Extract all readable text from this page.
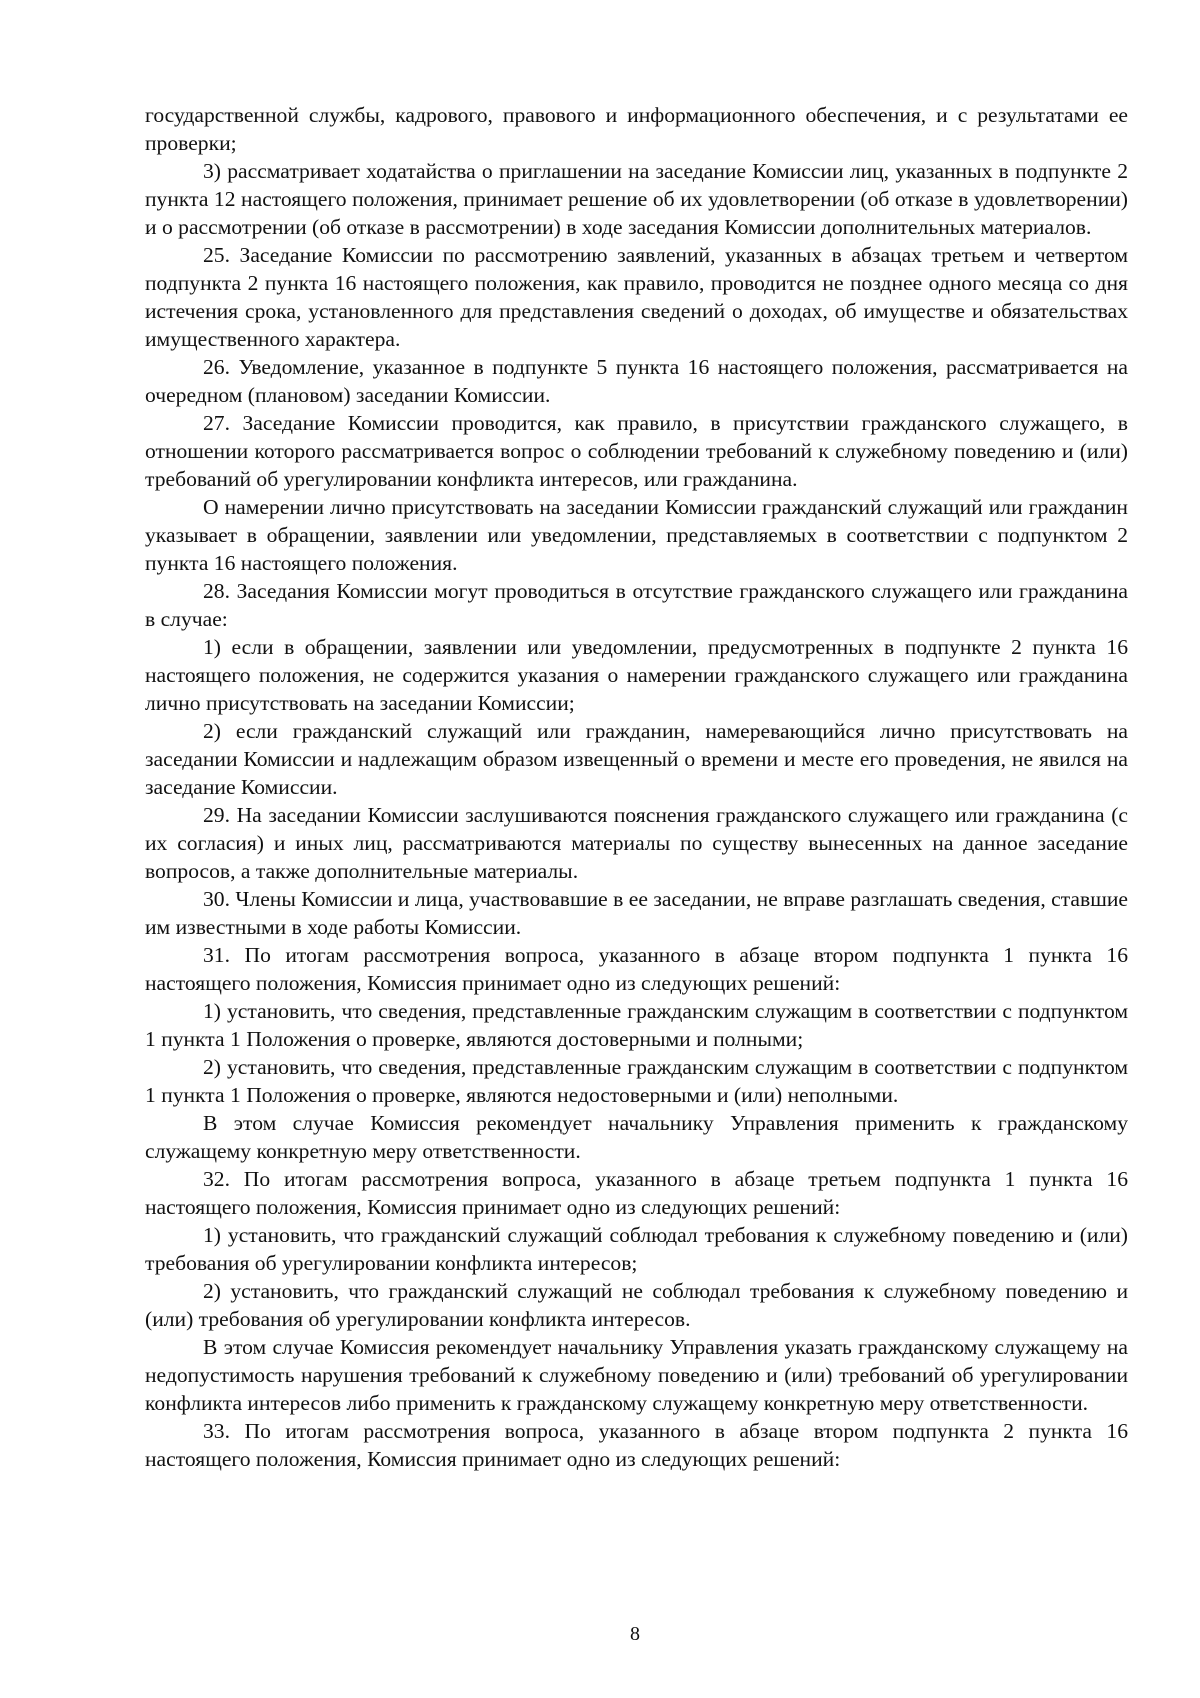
государственной службы, кадрового, правового и информационного обеспечения, и с результатами ее проверки;

3) рассматривает ходатайства о приглашении на заседание Комиссии лиц, указанных в подпункте 2 пункта 12 настоящего положения, принимает решение об их удовлетворении (об отказе в удовлетворении) и о рассмотрении (об отказе в рассмотрении) в ходе заседания Комиссии дополнительных материалов.

25. Заседание Комиссии по рассмотрению заявлений, указанных в абзацах третьем и четвертом подпункта 2 пункта 16 настоящего положения, как правило, проводится не позднее одного месяца со дня истечения срока, установленного для представления сведений о доходах, об имуществе и обязательствах имущественного характера.

26. Уведомление, указанное в подпункте 5 пункта 16 настоящего положения, рассматривается на очередном (плановом) заседании Комиссии.

27. Заседание Комиссии проводится, как правило, в присутствии гражданского служащего, в отношении которого рассматривается вопрос о соблюдении требований к служебному поведению и (или) требований об урегулировании конфликта интересов, или гражданина.

О намерении лично присутствовать на заседании Комиссии гражданский служащий или гражданин указывает в обращении, заявлении или уведомлении, представляемых в соответствии с подпунктом 2 пункта 16 настоящего положения.

28. Заседания Комиссии могут проводиться в отсутствие гражданского служащего или гражданина в случае:

1) если в обращении, заявлении или уведомлении, предусмотренных в подпункте 2 пункта 16 настоящего положения, не содержится указания о намерении гражданского служащего или гражданина лично присутствовать на заседании Комиссии;

2) если гражданский служащий или гражданин, намеревающийся лично присутствовать на заседании Комиссии и надлежащим образом извещенный о времени и месте его проведения, не явился на заседание Комиссии.

29. На заседании Комиссии заслушиваются пояснения гражданского служащего или гражданина (с их согласия) и иных лиц, рассматриваются материалы по существу вынесенных на данное заседание вопросов, а также дополнительные материалы.

30. Члены Комиссии и лица, участвовавшие в ее заседании, не вправе разглашать сведения, ставшие им известными в ходе работы Комиссии.

31. По итогам рассмотрения вопроса, указанного в абзаце втором подпункта 1 пункта 16 настоящего положения, Комиссия принимает одно из следующих решений:

1) установить, что сведения, представленные гражданским служащим в соответствии с подпунктом 1 пункта 1 Положения о проверке, являются достоверными и полными;

2) установить, что сведения, представленные гражданским служащим в соответствии с подпунктом 1 пункта 1 Положения о проверке, являются недостоверными и (или) неполными.

В этом случае Комиссия рекомендует начальнику Управления применить к гражданскому служащему конкретную меру ответственности.

32. По итогам рассмотрения вопроса, указанного в абзаце третьем подпункта 1 пункта 16 настоящего положения, Комиссия принимает одно из следующих решений:

1) установить, что гражданский служащий соблюдал требования к служебному поведению и (или) требования об урегулировании конфликта интересов;

2) установить, что гражданский служащий не соблюдал требования к служебному поведению и (или) требования об урегулировании конфликта интересов.

В этом случае Комиссия рекомендует начальнику Управления указать гражданскому служащему на недопустимость нарушения требований к служебному поведению и (или) требований об урегулировании конфликта интересов либо применить к гражданскому служащему конкретную меру ответственности.

33. По итогам рассмотрения вопроса, указанного в абзаце втором подпункта 2 пункта 16 настоящего положения, Комиссия принимает одно из следующих решений:

8
